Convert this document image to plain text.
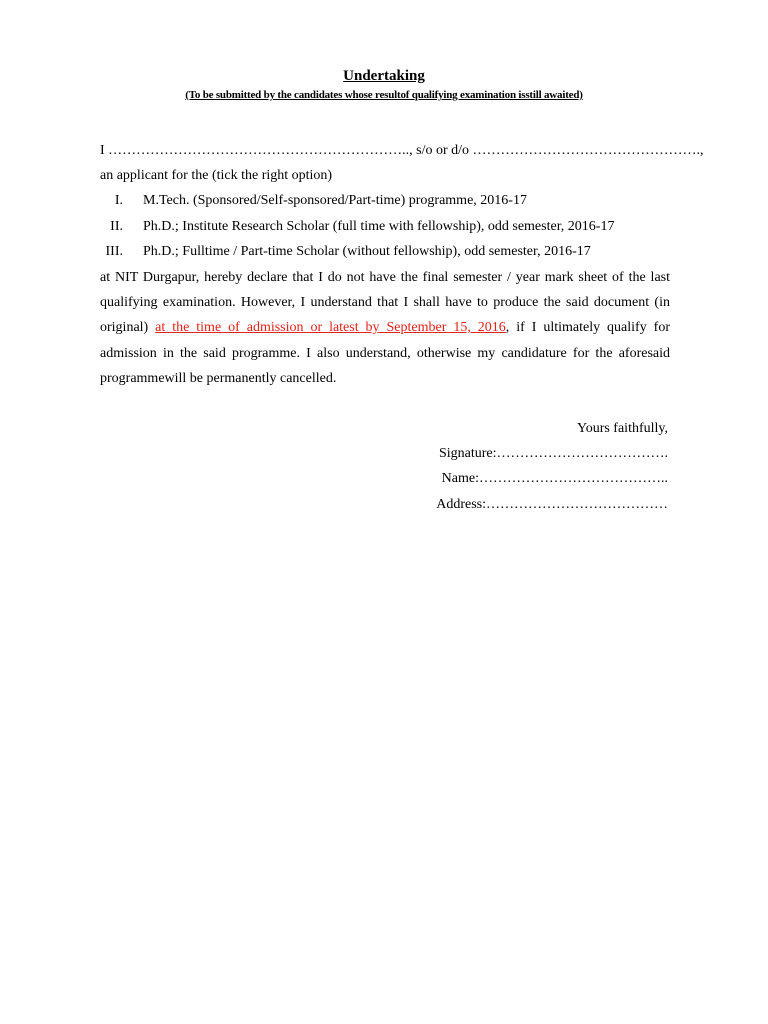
Undertaking
(To be submitted by the candidates whose resultof qualifying examination isstill awaited)
I ……………………………………………………….., s/o or d/o ………………………………………….,
an applicant for the (tick the right option)
I. M.Tech. (Sponsored/Self-sponsored/Part-time) programme, 2016-17
II. Ph.D.; Institute Research Scholar (full time with fellowship), odd semester, 2016-17
III. Ph.D.; Fulltime / Part-time Scholar (without fellowship), odd semester, 2016-17
at NIT Durgapur, hereby declare that I do not have the final semester / year mark sheet of the last
qualifying examination. However, I understand that I shall have to produce the said document (in
original) at the time of admission or latest by September 15, 2016, if I ultimately qualify for
admission in the said programme. I also understand, otherwise my candidature for the aforesaid
programmewill be permanently cancelled.
Yours faithfully,
Signature:……………………………….
Name:…………………………………..
Address:…………………………………
